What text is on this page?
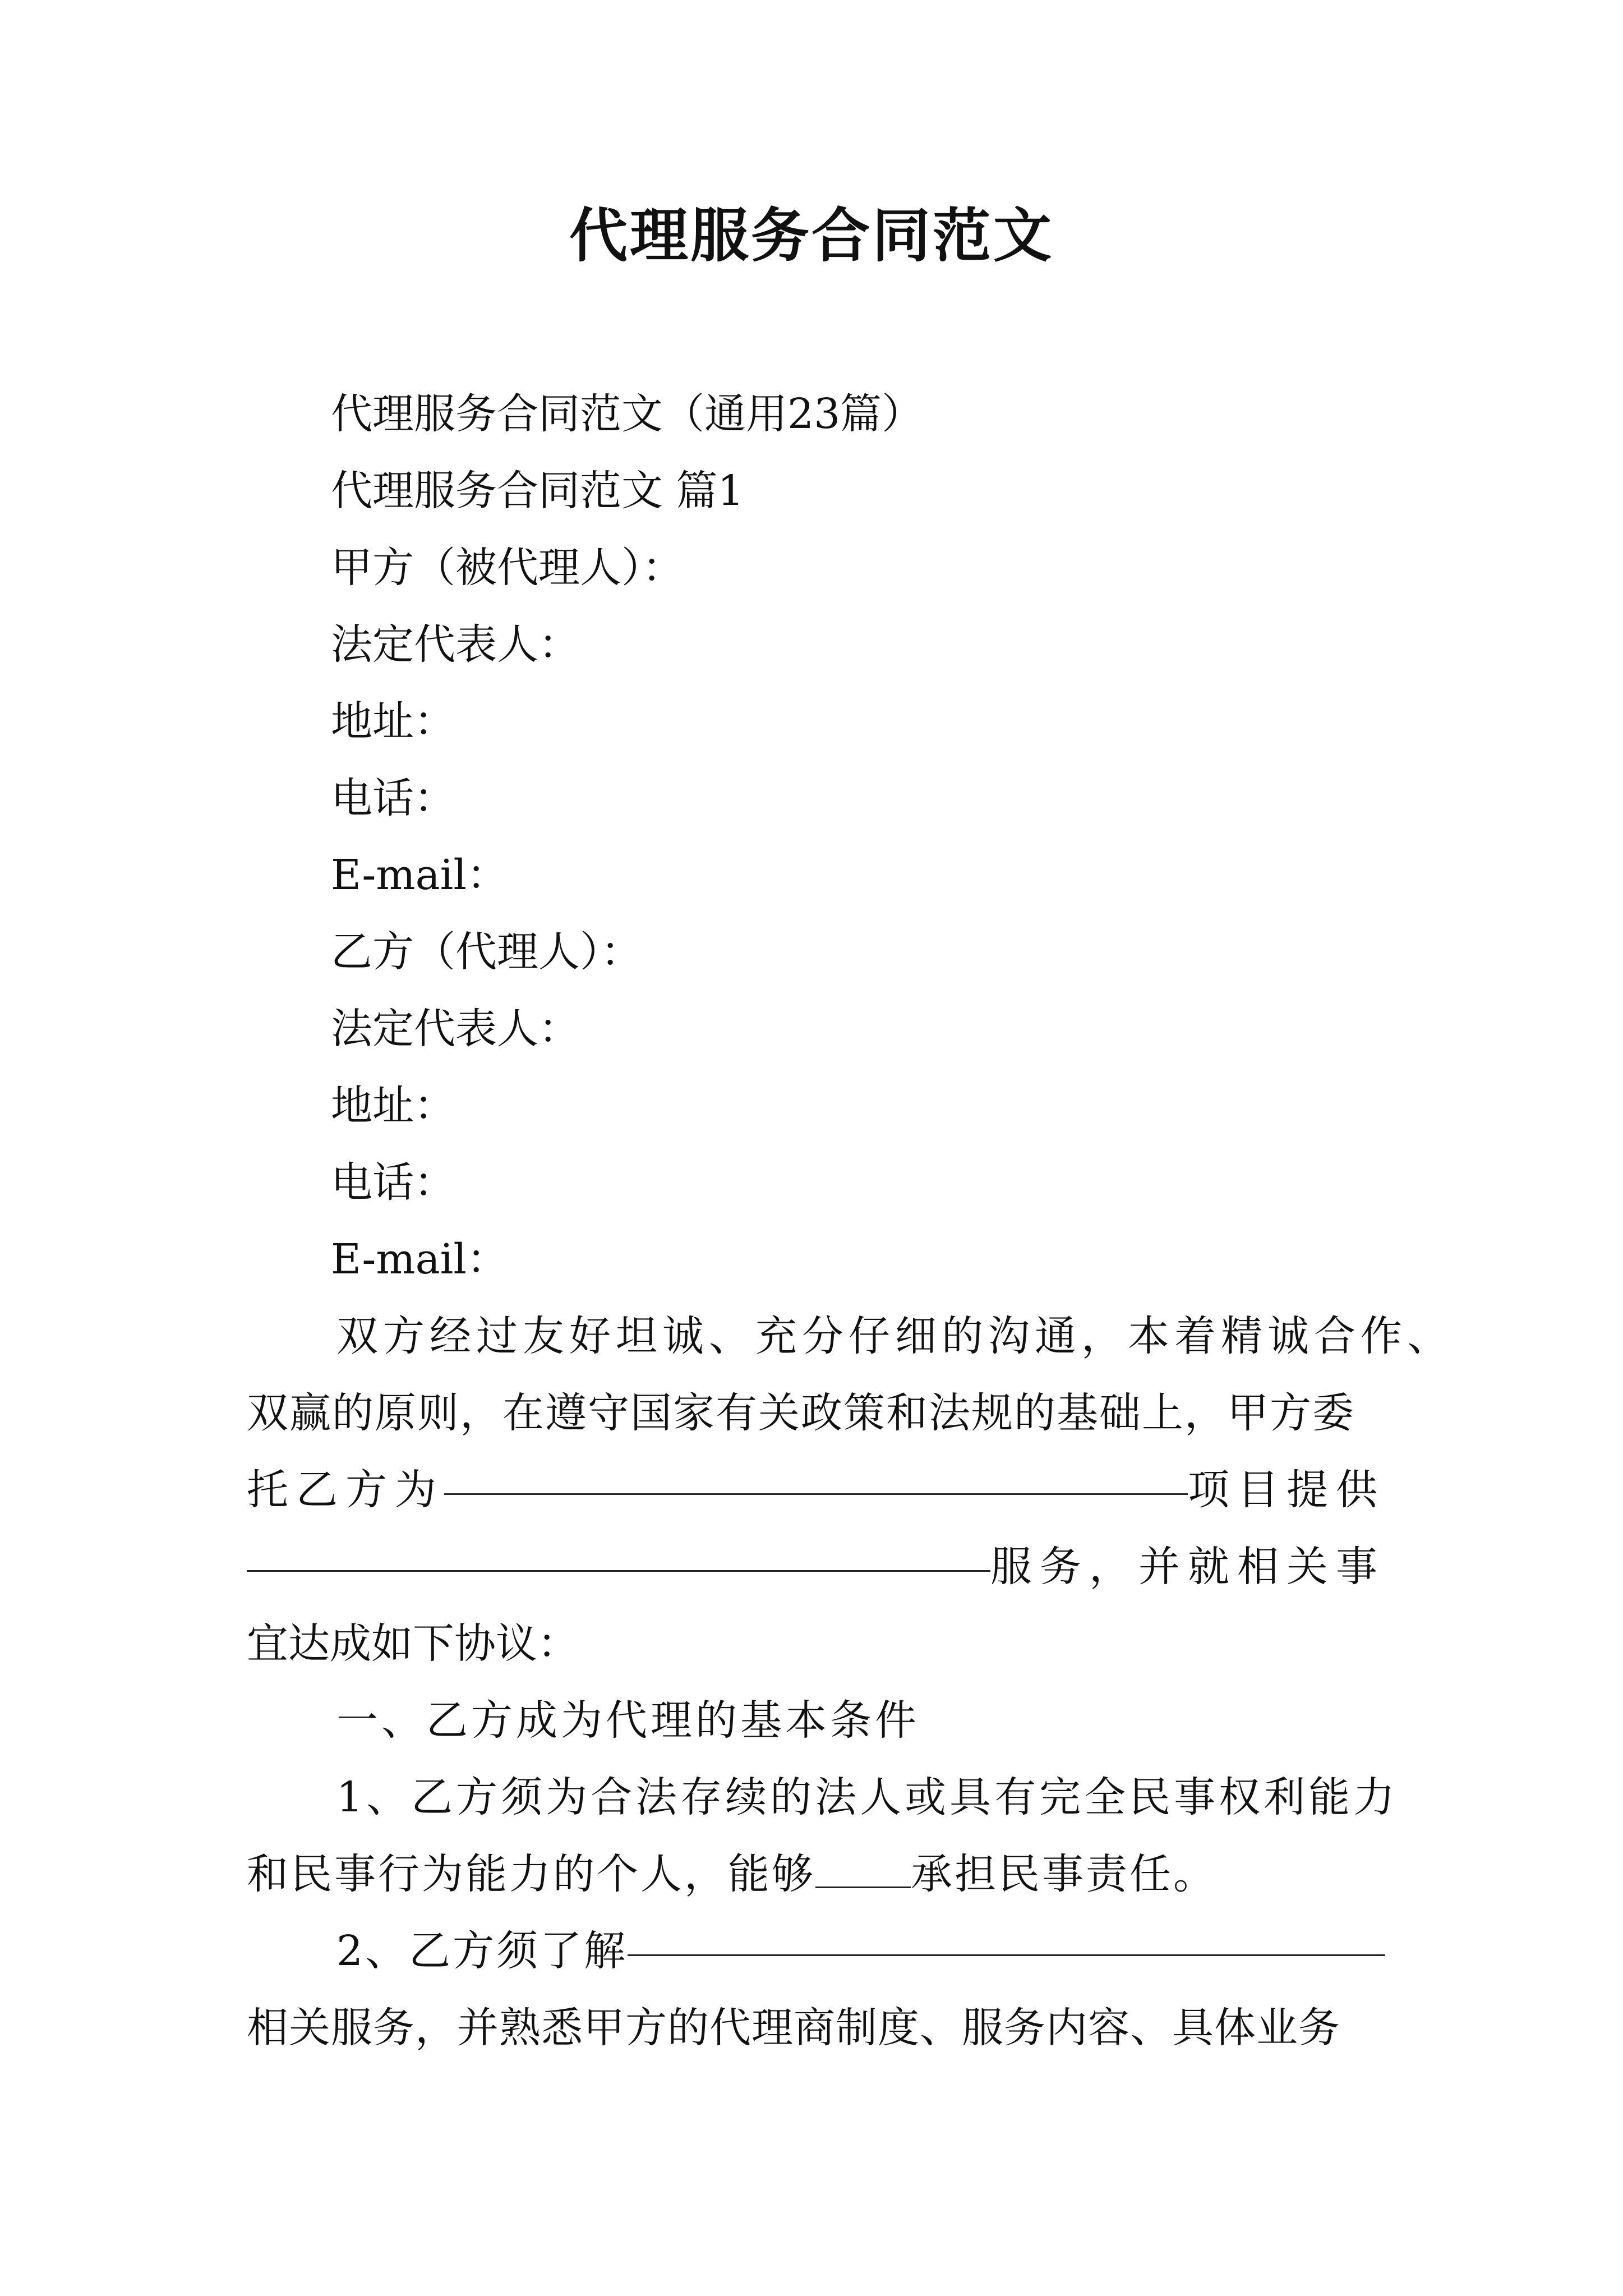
代理服务合同范文
代理服务合同范文（通用23篇）
代理服务合同范文 篇1
甲方（被代理人）：
法定代表人：
地址：
电话：
E-mail：
乙方（代理人）：
法定代表人：
地址：
电话：
E-mail：
双方经过友好坦诚、充分仔细的沟通，本着精诚合作、
双赢的原则，在遵守国家有关政策和法规的基础上，甲方委
托乙方为	项目提供
服务，并就相关事
宜达成如下协议：
一、乙方成为代理的基本条件
1、乙方须为合法存续的法人或具有完全民事权利能力
和民事行为能力的个人，能够 承担民事责任。
2、乙方须了解
相关服务，并熟悉甲方的代理商制度、服务内容、具体业务
